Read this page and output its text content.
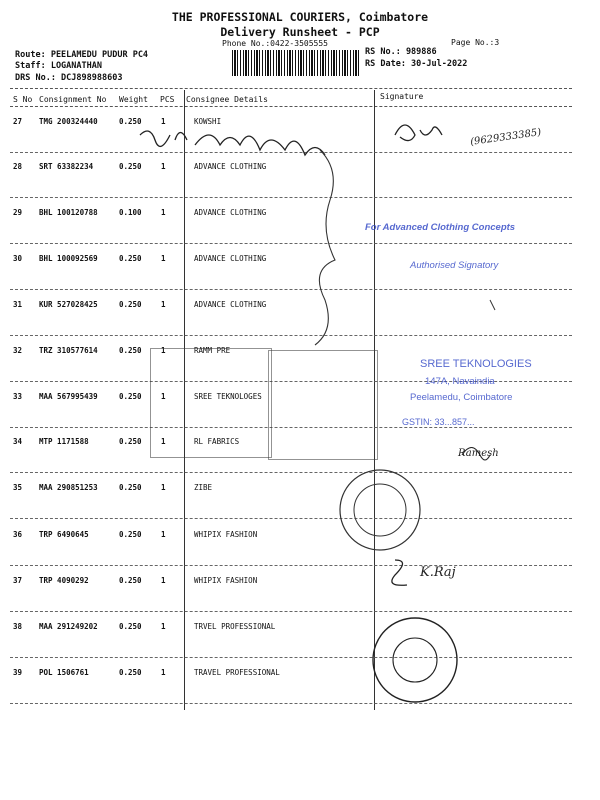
THE PROFESSIONAL COURIERS, Coimbatore
Delivery Runsheet - PCP
Phone No.:0422-3505555	Page No.:3
Route: PEELAMEDU PUDUR PC4
Staff: LOGANATHAN
DRS No.: DCJ898988603
RS No.: 989886
RS Date: 30-Jul-2022
S No Consignment No Weight PCS Consignee Details	Signature
27 TMG 200324440	0.250	1	KOWSHI
28 SRT 63382234	0.250	1	ADVANCE CLOTHING
29 BHL 100120788	0.100	1	ADVANCE CLOTHING
30 BHL 100092569	0.250	1	ADVANCE CLOTHING
31 KUR 527028425	0.250	1	ADVANCE CLOTHING
32 TRZ 310577614	0.250	1	RAMM PRE
33 MAA 567995439	0.250	1	SREE TEKNOLOGES
34 MTP 1171588	0.250	1	RL FABRICS
35 MAA 290851253	0.250	1	ZIBE
36 TRP 6490645	0.250	1	WHIPIX FASHION
37 TRP 4090292	0.250	1	WHIPIX FASHION
38 MAA 291249202	0.250	1	TRVEL PROFESSIONAL
39 POL 1506761	0.250	1	TRAVEL PROFESSIONAL
For Advanced Clothing Concepts
Authorised Signatory
SREE TEKNOLOGIES
147A, Navaindia
Peelamedu, Coimbatore
GSTIN: 33...857...
(9629333385)
Ramesh
K.Raj
